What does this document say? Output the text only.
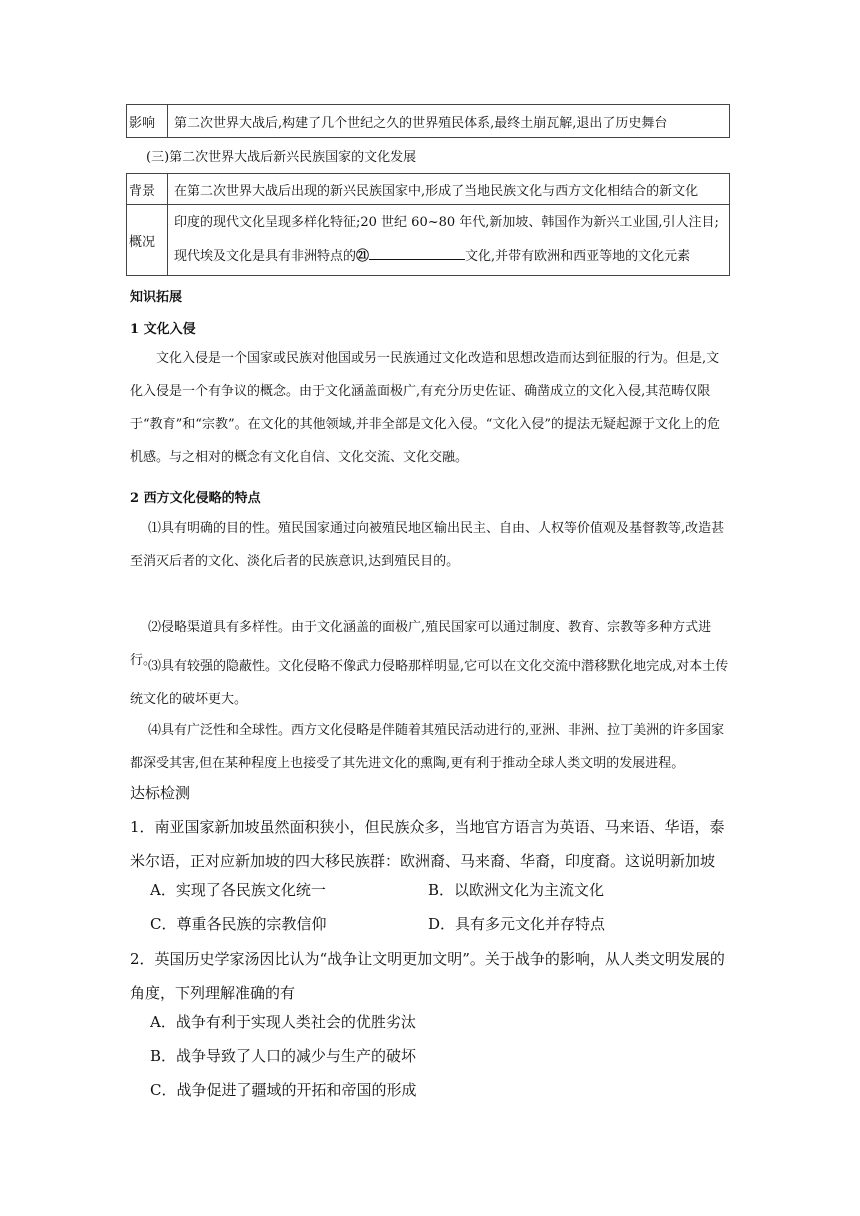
影响	第二次世界大战后,构建了几个世纪之久的世界殖民体系,最终土崩瓦解,退出了历史舞台
(三)第二次世界大战后新兴民族国家的文化发展
背景	在第二次世界大战后出现的新兴民族国家中,形成了当地民族文化与西方文化相结合的新文化
概况	印度的现代文化呈现多样化特征;20 世纪 60~80 年代,新加坡、韩国作为新兴工业国,引人注目;
现代埃及文化是具有非洲特点的㉑ 文化,并带有欧洲和西亚等地的文化元素
知识拓展
1 文化入侵
文化入侵是一个国家或民族对他国或另一民族通过文化改造和思想改造而达到征服的行为。但是,文化入侵是一个有争议的概念。由于文化涵盖面极广,有充分历史佐证、确凿成立的文化入侵,其范畴仅限于“教育”和“宗教”。在文化的其他领域,并非全部是文化入侵。“文化入侵”的提法无疑起源于文化上的危机感。与之相对的概念有文化自信、文化交流、文化交融。
2 西方文化侵略的特点
⑴具有明确的目的性。殖民国家通过向被殖民地区输出民主、自由、人权等价值观及基督教等,改造甚至消灭后者的文化、淡化后者的民族意识,达到殖民目的。
⑵侵略渠道具有多样性。由于文化涵盖的面极广,殖民国家可以通过制度、教育、宗教等多种方式进行。
⑶具有较强的隐蔽性。文化侵略不像武力侵略那样明显,它可以在文化交流中潜移默化地完成,对本土传统文化的破坏更大。
⑷具有广泛性和全球性。西方文化侵略是伴随着其殖民活动进行的,亚洲、非洲、拉丁美洲的许多国家都深受其害,但在某种程度上也接受了其先进文化的熏陶,更有利于推动全球人类文明的发展进程。
达标检测
1．南亚国家新加坡虽然面积狭小，但民族众多，当地官方语言为英语、马来语、华语，泰米尔语，正对应新加坡的四大移民族群：欧洲裔、马来裔、华裔，印度裔。这说明新加坡
A．实现了各民族文化统一	B．以欧洲文化为主流文化
C．尊重各民族的宗教信仰	D．具有多元文化并存特点
2．英国历史学家汤因比认为“战争让文明更加文明”。关于战争的影响，从人类文明发展的角度，下列理解准确的有
A．战争有利于实现人类社会的优胜劣汰
B．战争导致了人口的减少与生产的破坏
C．战争促进了疆域的开拓和帝国的形成
